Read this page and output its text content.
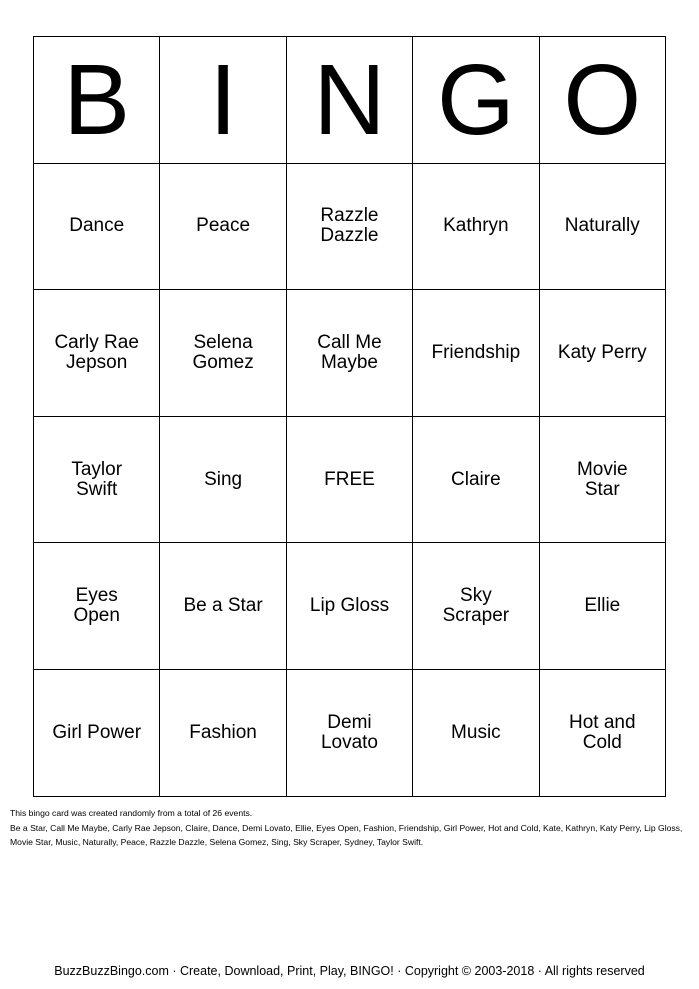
B	I	N	G	O
Dance	Peace	Razzle Dazzle	Kathryn	Naturally
Carly Rae Jepson	Selena Gomez	Call Me Maybe	Friendship	Katy Perry
Taylor Swift	Sing	FREE	Claire	Movie Star
Eyes Open	Be a Star	Lip Gloss	Sky Scraper	Ellie
Girl Power	Fashion	Demi Lovato	Music	Hot and Cold
This bingo card was created randomly from a total of 26 events.
Be a Star, Call Me Maybe, Carly Rae Jepson, Claire, Dance, Demi Lovato, Ellie, Eyes Open, Fashion, Friendship, Girl Power, Hot and Cold, Kate, Kathryn, Katy Perry, Lip Gloss, Movie Star, Music, Naturally, Peace, Razzle Dazzle, Selena Gomez, Sing, Sky Scraper, Sydney, Taylor Swift.
BuzzBuzzBingo.com · Create, Download, Print, Play, BINGO! · Copyright © 2003-2018 · All rights reserved
